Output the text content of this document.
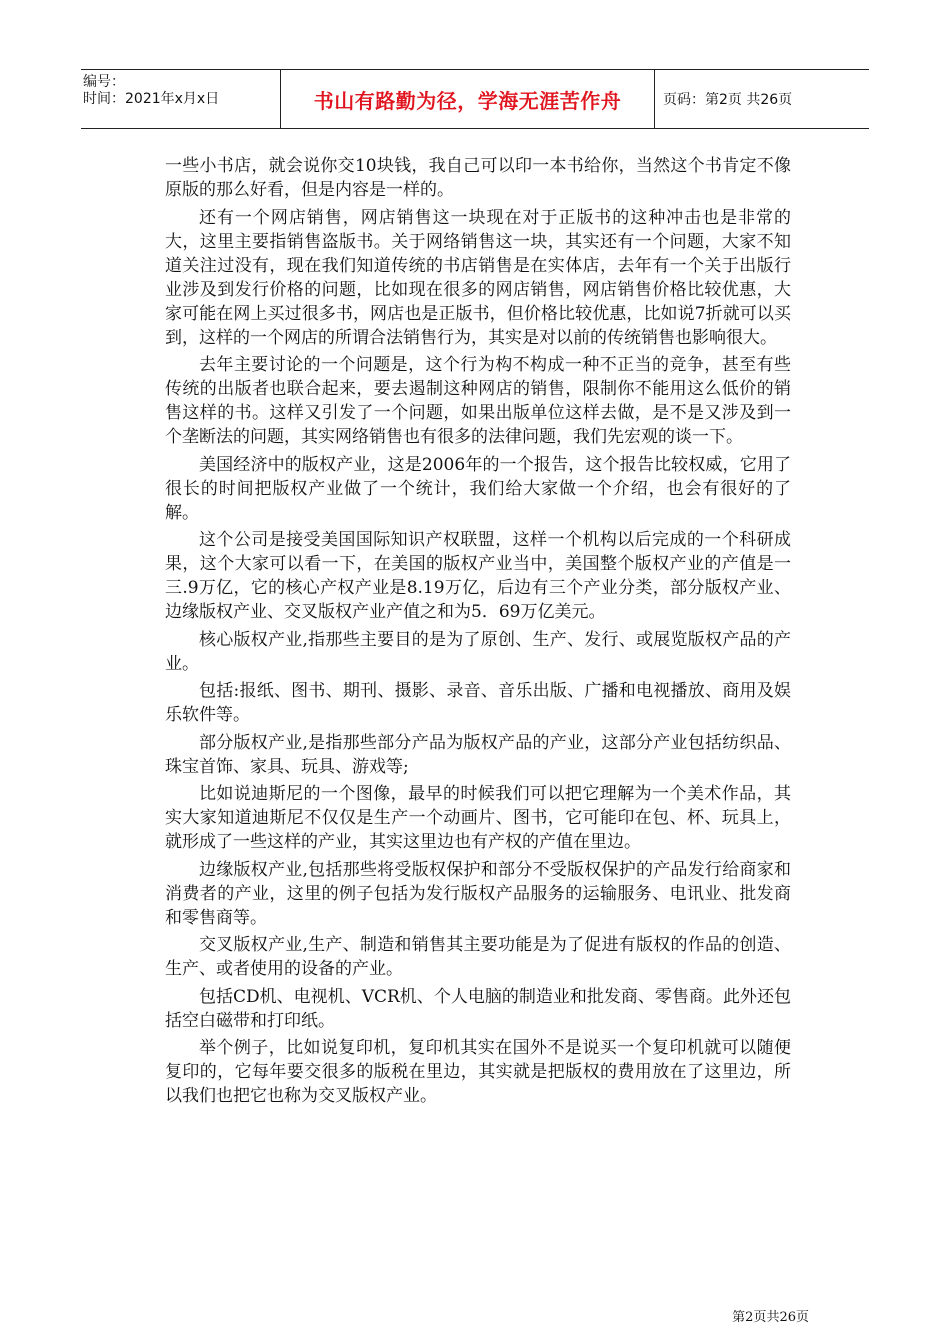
编号：
时间：2021年x月x日	书山有路勤为径，学海无涯苦作舟	页码：第2页 共26页

一些小书店，就会说你交10块钱，我自己可以印一本书给你，当然这个书肯定不像原版的那么好看，但是内容是一样的。

还有一个网店销售，网店销售这一块现在对于正版书的这种冲击也是非常的大，这里主要指销售盗版书。关于网络销售这一块，其实还有一个问题，大家不知道关注过没有，现在我们知道传统的书店销售是在实体店，去年有一个关于出版行业涉及到发行价格的问题，比如现在很多的网店销售，网店销售价格比较优惠，大家可能在网上买过很多书，网店也是正版书，但价格比较优惠，比如说7折就可以买到，这样的一个网店的所谓合法销售行为，其实是对以前的传统销售也影响很大。

去年主要讨论的一个问题是，这个行为构不构成一种不正当的竞争，甚至有些传统的出版者也联合起来，要去遏制这种网店的销售，限制你不能用这么低价的销售这样的书。这样又引发了一个问题，如果出版单位这样去做，是不是又涉及到一个垄断法的问题，其实网络销售也有很多的法律问题，我们先宏观的谈一下。

美国经济中的版权产业，这是2006年的一个报告，这个报告比较权威，它用了很长的时间把版权产业做了一个统计，我们给大家做一个介绍，也会有很好的了解。

这个公司是接受美国国际知识产权联盟，这样一个机构以后完成的一个科研成果，这个大家可以看一下，在美国的版权产业当中，美国整个版权产业的产值是一三.9万亿，它的核心产权产业是8.19万亿，后边有三个产业分类，部分版权产业、边缘版权产业、交叉版权产业产值之和为5．69万亿美元。

核心版权产业,指那些主要目的是为了原创、生产、发行、或展览版权产品的产业。

包括:报纸、图书、期刊、摄影、录音、音乐出版、广播和电视播放、商用及娱乐软件等。

部分版权产业,是指那些部分产品为版权产品的产业，这部分产业包括纺织品、珠宝首饰、家具、玩具、游戏等;

比如说迪斯尼的一个图像，最早的时候我们可以把它理解为一个美术作品，其实大家知道迪斯尼不仅仅是生产一个动画片、图书，它可能印在包、杯、玩具上，就形成了一些这样的产业，其实这里边也有产权的产值在里边。

边缘版权产业,包括那些将受版权保护和部分不受版权保护的产品发行给商家和消费者的产业，这里的例子包括为发行版权产品服务的运输服务、电讯业、批发商和零售商等。

交叉版权产业,生产、制造和销售其主要功能是为了促进有版权的作品的创造、生产、或者使用的设备的产业。

包括CD机、电视机、VCR机、个人电脑的制造业和批发商、零售商。此外还包括空白磁带和打印纸。

举个例子，比如说复印机，复印机其实在国外不是说买一个复印机就可以随便复印的，它每年要交很多的版税在里边，其实就是把版权的费用放在了这里边，所以我们也把它也称为交叉版权产业。

第2页共26页
